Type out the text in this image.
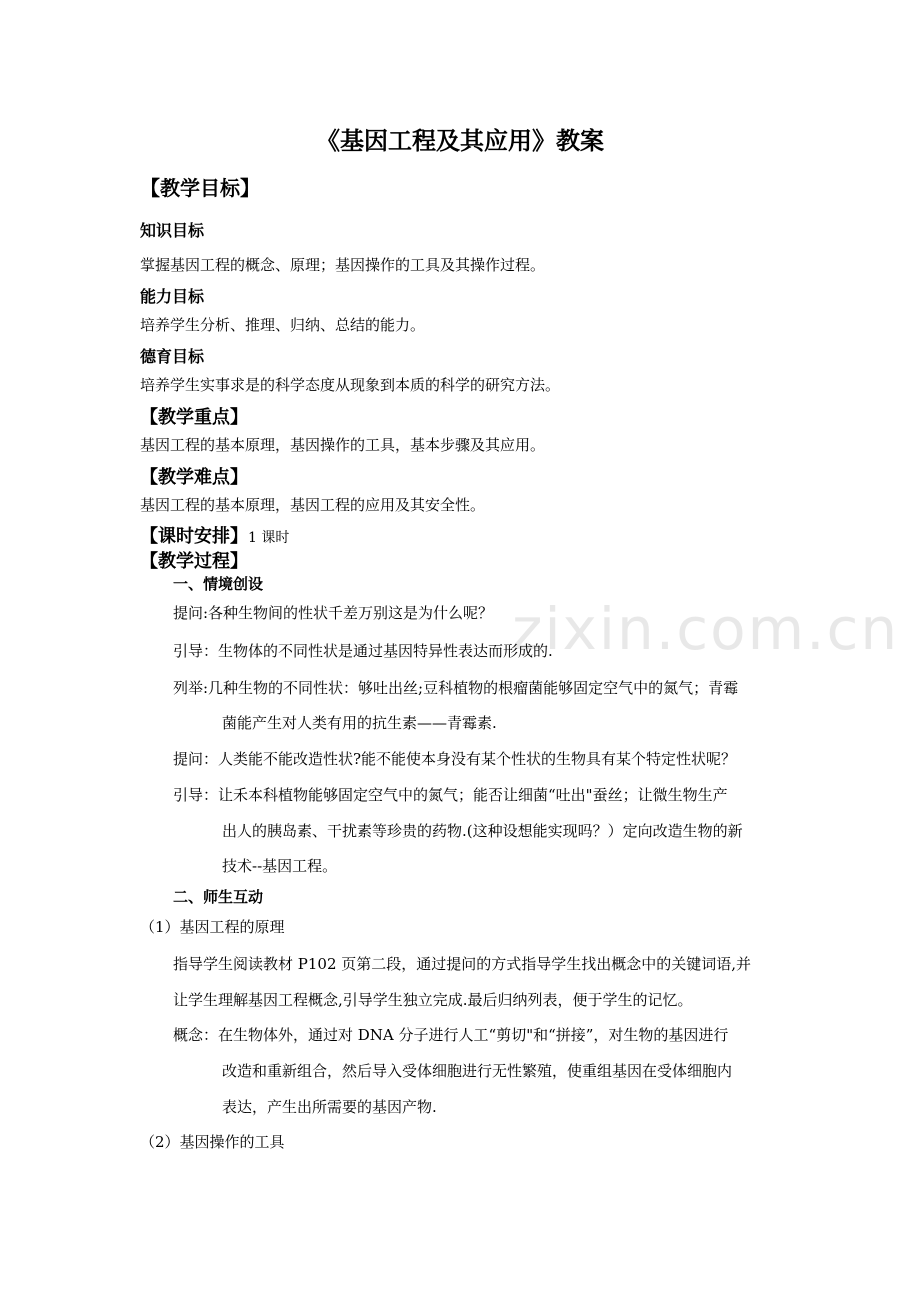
zixin.com.cn
《基因工程及其应用》教案
【教学目标】
知识目标
掌握基因工程的概念、原理；基因操作的工具及其操作过程。
能力目标
培养学生分析、推理、归纳、总结的能力。
德育目标
培养学生实事求是的科学态度从现象到本质的科学的研究方法。
【教学重点】
基因工程的基本原理，基因操作的工具，基本步骤及其应用。
【教学难点】
基因工程的基本原理，基因工程的应用及其安全性。
【课时安排】1 课时
【教学过程】
一、情境创设
提问:各种生物间的性状千差万别这是为什么呢？
引导：生物体的不同性状是通过基因特异性表达而形成的.
列举:几种生物的不同性状：够吐出丝;豆科植物的根瘤菌能够固定空气中的氮气；青霉
菌能产生对人类有用的抗生素——青霉素.
提问：人类能不能改造性状?能不能使本身没有某个性状的生物具有某个特定性状呢？
引导：让禾本科植物能够固定空气中的氮气；能否让细菌“吐出"蚕丝；让微生物生产
出人的胰岛素、干扰素等珍贵的药物.(这种设想能实现吗？）定向改造生物的新
技术--基因工程。
二、师生互动
（1）基因工程的原理
指导学生阅读教材 P102 页第二段，通过提问的方式指导学生找出概念中的关键词语,并
让学生理解基因工程概念,引导学生独立完成.最后归纳列表，便于学生的记忆。
概念：在生物体外，通过对 DNA 分子进行人工“剪切"和“拼接”，对生物的基因进行
改造和重新组合，然后导入受体细胞进行无性繁殖，使重组基因在受体细胞内
表达，产生出所需要的基因产物.
（2）基因操作的工具
